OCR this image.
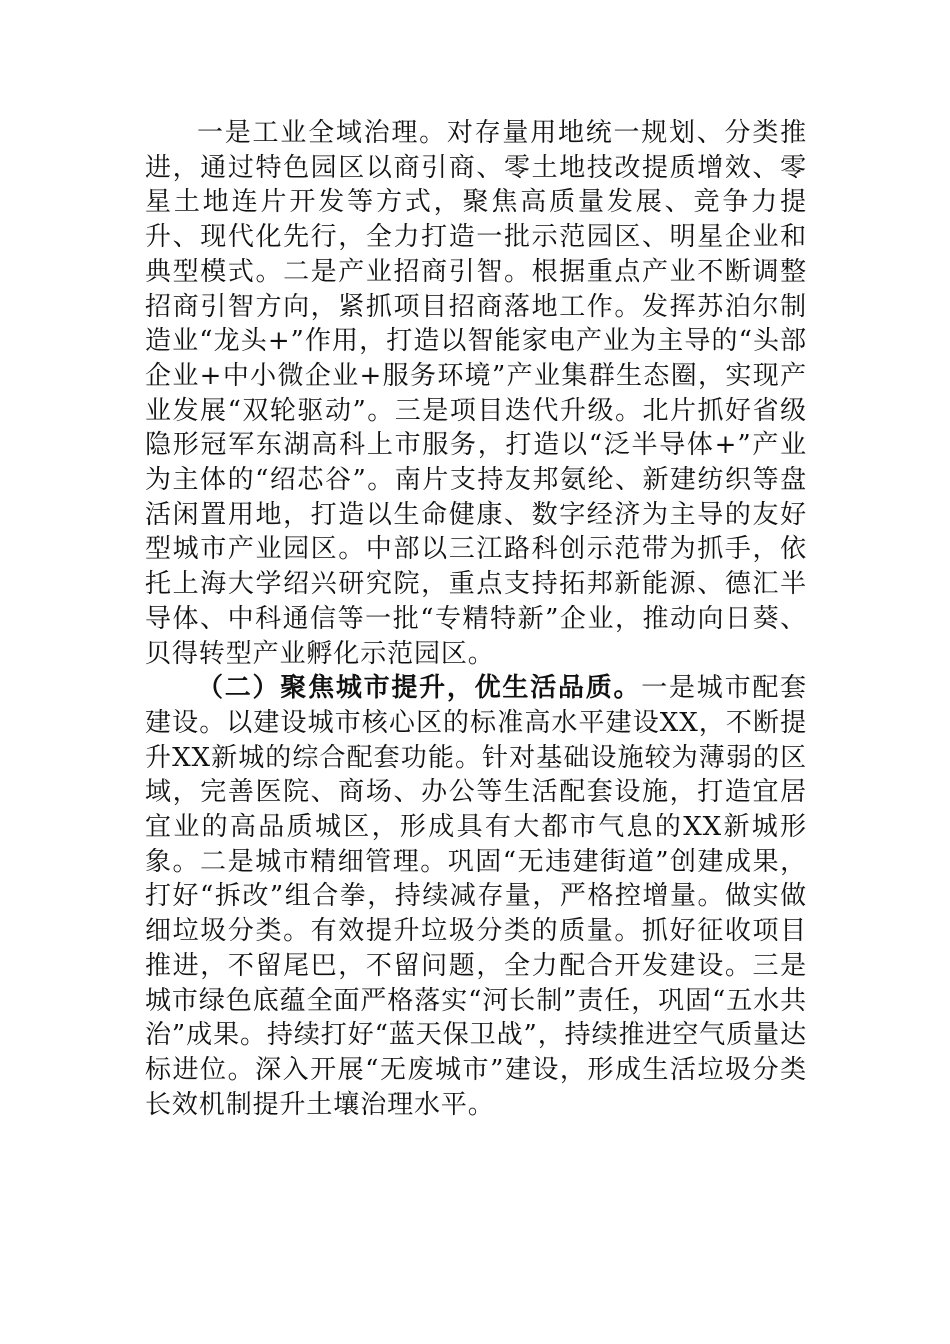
一是工业全域治理。对存量用地统一规划、分类推进，通过特色园区以商引商、零土地技改提质增效、零星土地连片开发等方式，聚焦高质量发展、竞争力提升、现代化先行，全力打造一批示范园区、明星企业和典型模式。二是产业招商引智。根据重点产业不断调整招商引智方向，紧抓项目招商落地工作。发挥苏泊尔制造业“龙头+”作用，打造以智能家电产业为主导的“头部企业+中小微企业+服务环境”产业集群生态圈，实现产业发展“双轮驱动”。三是项目迭代升级。北片抓好省级隐形冠军东湖高科上市服务，打造以“泛半导体+”产业为主体的“绍芯谷”。南片支持友邦氨纶、新建纺织等盘活闲置用地，打造以生命健康、数字经济为主导的友好型城市产业园区。中部以三江路科创示范带为抓手，依托上海大学绍兴研究院，重点支持拓邦新能源、德汇半导体、中科通信等一批“专精特新”企业，推动向日葵、贝得转型产业孵化示范园区。

（二）聚焦城市提升，优生活品质。一是城市配套建设。以建设城市核心区的标准高水平建设XX，不断提升XX新城的综合配套功能。针对基础设施较为薄弱的区域，完善医院、商场、办公等生活配套设施，打造宜居宜业的高品质城区，形成具有大都市气息的XX新城形象。二是城市精细管理。巩固“无违建街道”创建成果，打好“拆改”组合拳，持续减存量，严格控增量。做实做细垃圾分类。有效提升垃圾分类的质量。抓好征收项目推进，不留尾巴，不留问题，全力配合开发建设。三是城市绿色底蕴全面严格落实“河长制”责任，巩固“五水共治”成果。持续打好“蓝天保卫战”，持续推进空气质量达标进位。深入开展“无废城市”建设，形成生活垃圾分类长效机制提升土壤治理水平。
